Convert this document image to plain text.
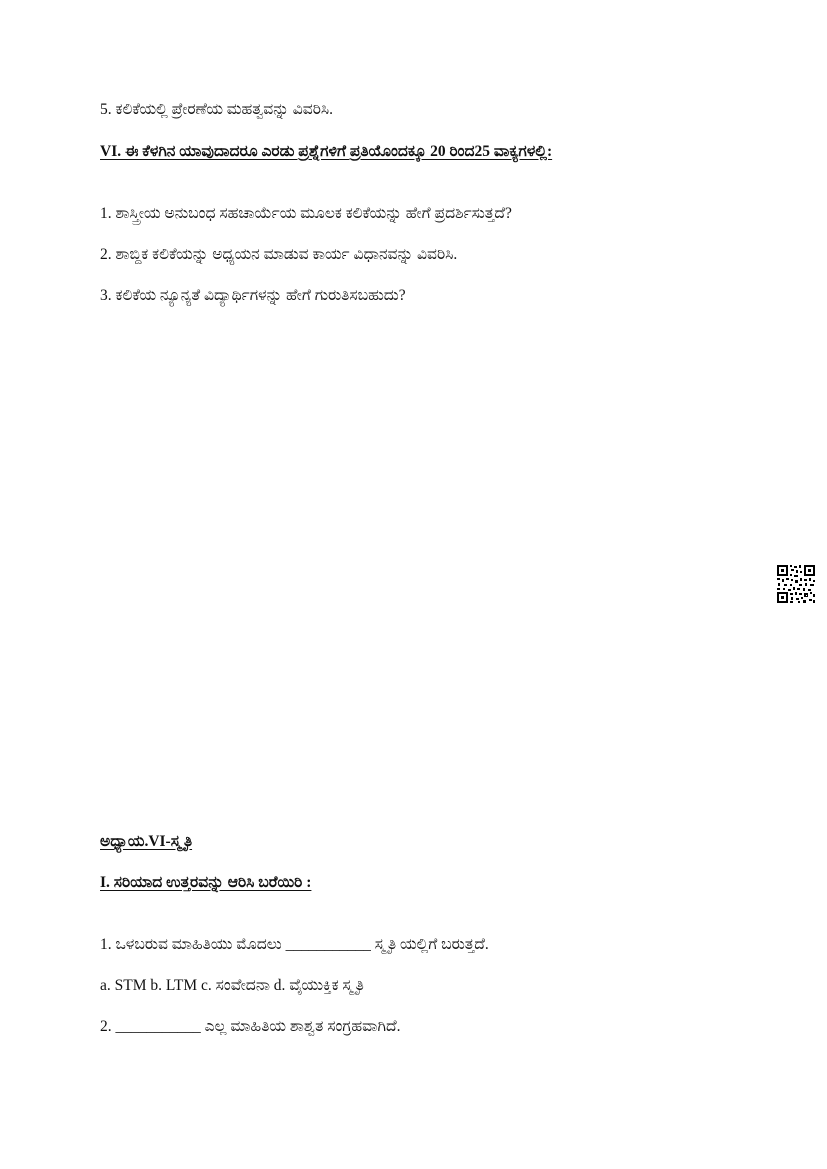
5. ಕಲಿಕೆಯಲ್ಲಿ ಪ್ರೇರಣೆಯ ಮಹತ್ವವನ್ನು ವಿವರಿಸಿ.
VI. ಈ ಕೆಳಗಿನ ಯಾವುದಾದರೂ ಎರಡು ಪ್ರಶ್ನೆಗಳಿಗೆ ಪ್ರತಿಯೊಂದಕ್ಕೂ 20 ರಿಂದ25 ವಾಕ್ಯಗಳಲ್ಲಿ:
1. ಶಾಸ್ತ್ರೀಯ ಅನುಬಂಧ ಸಹಚಾರ್ಯೆಯ ಮೂಲಕ ಕಲಿಕೆಯನ್ನು ಹೇಗೆ ಪ್ರದರ್ಶಿಸುತ್ತದೆ?
2. ಶಾಬ್ದಿಕ ಕಲಿಕೆಯನ್ನು ಅಧ್ಯಯನ ಮಾಡುವ ಕಾರ್ಯ ವಿಧಾನವನ್ನು ವಿವರಿಸಿ.
3. ಕಲಿಕೆಯ ನ್ಯೂನ್ಯತೆ ವಿದ್ಯಾರ್ಥಿಗಳನ್ನು ಹೇಗೆ ಗುರುತಿಸಬಹುದು?
ಅಧ್ಯಾಯ.VI-ಸ್ಮೃತಿ
I. ಸರಿಯಾದ ಉತ್ತರವನ್ನು ಆರಿಸಿ ಬರೆಯಿರಿ :
1. ಒಳಬರುವ ಮಾಹಿತಿಯು ಮೊದಲು ___________ ಸ್ಮೃತಿ ಯಲ್ಲಿಗೆ ಬರುತ್ತದೆ.
a. STM b. LTM c. ಸಂವೇದನಾ d. ವೈಯುಕ್ತಿಕ ಸ್ಮೃತಿ
2. ___________ ಎಲ್ಲ ಮಾಹಿತಿಯ ಶಾಶ್ವತ ಸಂಗ್ರಹವಾಗಿದೆ.
